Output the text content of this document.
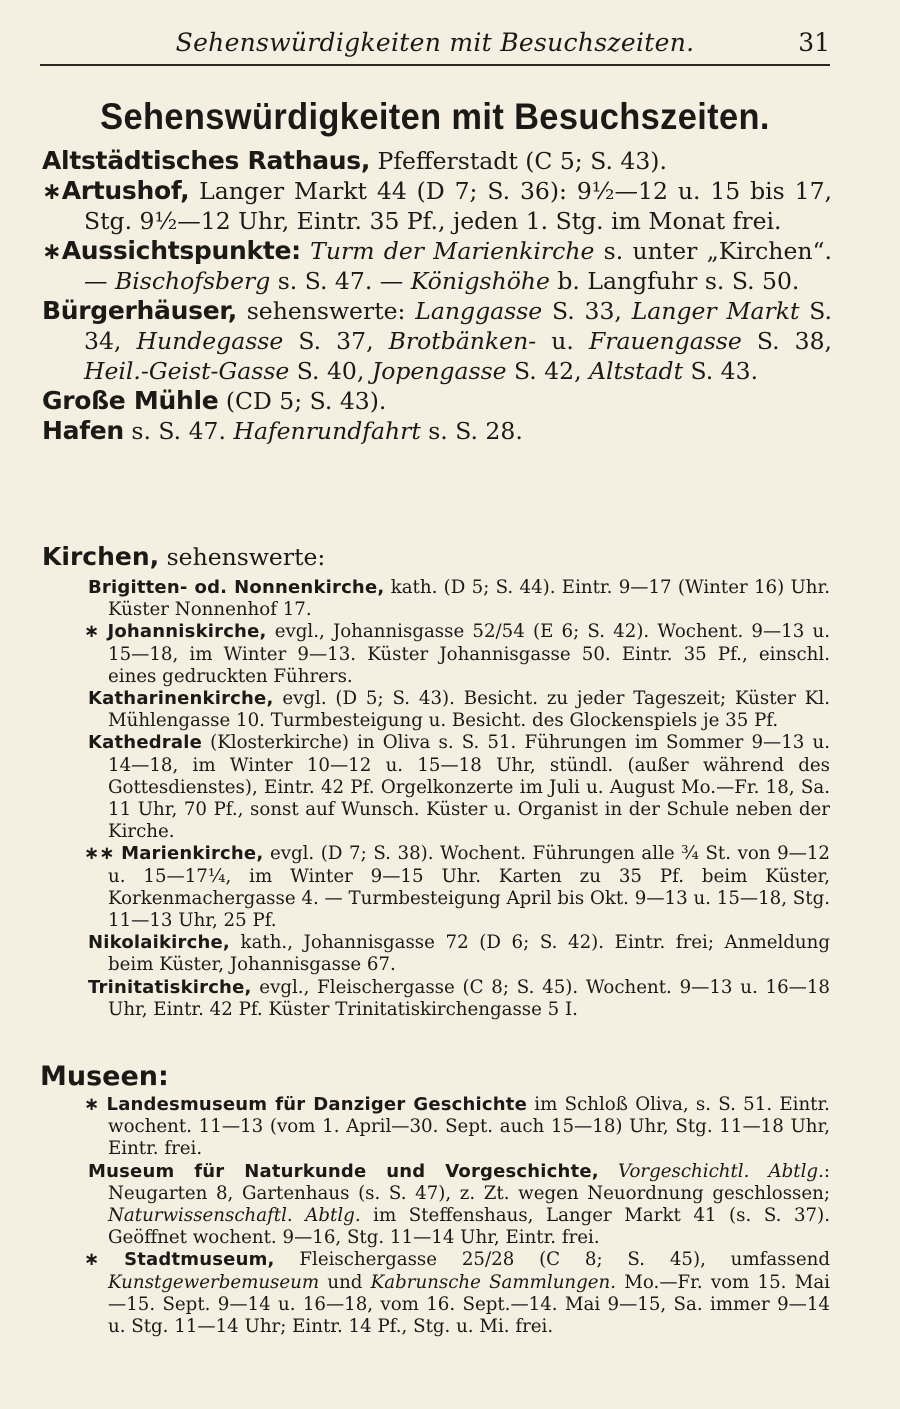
Sehenswürdigkeiten mit Besuchszeiten.	31
Sehenswürdigkeiten mit Besuchszeiten.

Altstädtisches Rathaus, Pfefferstadt (C 5; S. 43).

∗Artushof, Langer Markt 44 (D 7; S. 36): 9½—12 u. 15 bis 17, Stg. 9½—12 Uhr, Eintr. 35 Pf., jeden 1. Stg. im Monat frei.

∗Aussichtspunkte: Turm der Marienkirche s. unter „Kirchen“. — Bischofsberg s. S. 47. — Königshöhe b. Langfuhr s. S. 50.

Bürgerhäuser, sehenswerte: Langgasse S. 33, Langer Markt S. 34, Hundegasse S. 37, Brotbänken- u. Frauengasse S. 38, Heil.-Geist-Gasse S. 40, Jopengasse S. 42, Altstadt S. 43.

Große Mühle (CD 5; S. 43).

Hafen s. S. 47. Hafenrundfahrt s. S. 28.

Kirchen, sehenswerte:

Brigitten- od. Nonnenkirche, kath. (D 5; S. 44). Eintr. 9—17 (Winter 16) Uhr. Küster Nonnenhof 17.

∗ Johanniskirche, evgl., Johannisgasse 52/54 (E 6; S. 42). Wochent. 9—13 u. 15—18, im Winter 9—13. Küster Johannisgasse 50. Eintr. 35 Pf., einschl. eines gedruckten Führers.

Katharinenkirche, evgl. (D 5; S. 43). Besicht. zu jeder Tageszeit; Küster Kl. Mühlengasse 10. Turmbesteigung u. Besicht. des Glockenspiels je 35 Pf.

Kathedrale (Klosterkirche) in Oliva s. S. 51. Führungen im Sommer 9—13 u. 14—18, im Winter 10—12 u. 15—18 Uhr, stündl. (außer während des Gottesdienstes), Eintr. 42 Pf. Orgelkonzerte im Juli u. August Mo.—Fr. 18, Sa. 11 Uhr, 70 Pf., sonst auf Wunsch. Küster u. Organist in der Schule neben der Kirche.

∗∗ Marienkirche, evgl. (D 7; S. 38). Wochent. Führungen alle ¾ St. von 9—12 u. 15—17¼, im Winter 9—15 Uhr. Karten zu 35 Pf. beim Küster, Korkenmachergasse 4. — Turmbesteigung April bis Okt. 9—13 u. 15—18, Stg. 11—13 Uhr, 25 Pf.

Nikolaikirche, kath., Johannisgasse 72 (D 6; S. 42). Eintr. frei; Anmeldung beim Küster, Johannisgasse 67.

Trinitatiskirche, evgl., Fleischergasse (C 8; S. 45). Wochent. 9—13 u. 16—18 Uhr, Eintr. 42 Pf. Küster Trinitatiskirchengasse 5 I.

Museen:

∗ Landesmuseum für Danziger Geschichte im Schloß Oliva, s. S. 51. Eintr. wochent. 11—13 (vom 1. April—30. Sept. auch 15—18) Uhr, Stg. 11—18 Uhr, Eintr. frei.

Museum für Naturkunde und Vorgeschichte, Vorgeschichtl. Abtlg.: Neugarten 8, Gartenhaus (s. S. 47), z. Zt. wegen Neuordnung geschlossen; Naturwissenschaftl. Abtlg. im Steffenshaus, Langer Markt 41 (s. S. 37). Geöffnet wochent. 9—16, Stg. 11—14 Uhr, Eintr. frei.

∗ Stadtmuseum, Fleischergasse 25/28 (C 8; S. 45), umfassend Kunstgewerbemuseum und Kabrunsche Sammlungen. Mo.—Fr. vom 15. Mai—15. Sept. 9—14 u. 16—18, vom 16. Sept.—14. Mai 9—15, Sa. immer 9—14 u. Stg. 11—14 Uhr; Eintr. 14 Pf., Stg. u. Mi. frei.
